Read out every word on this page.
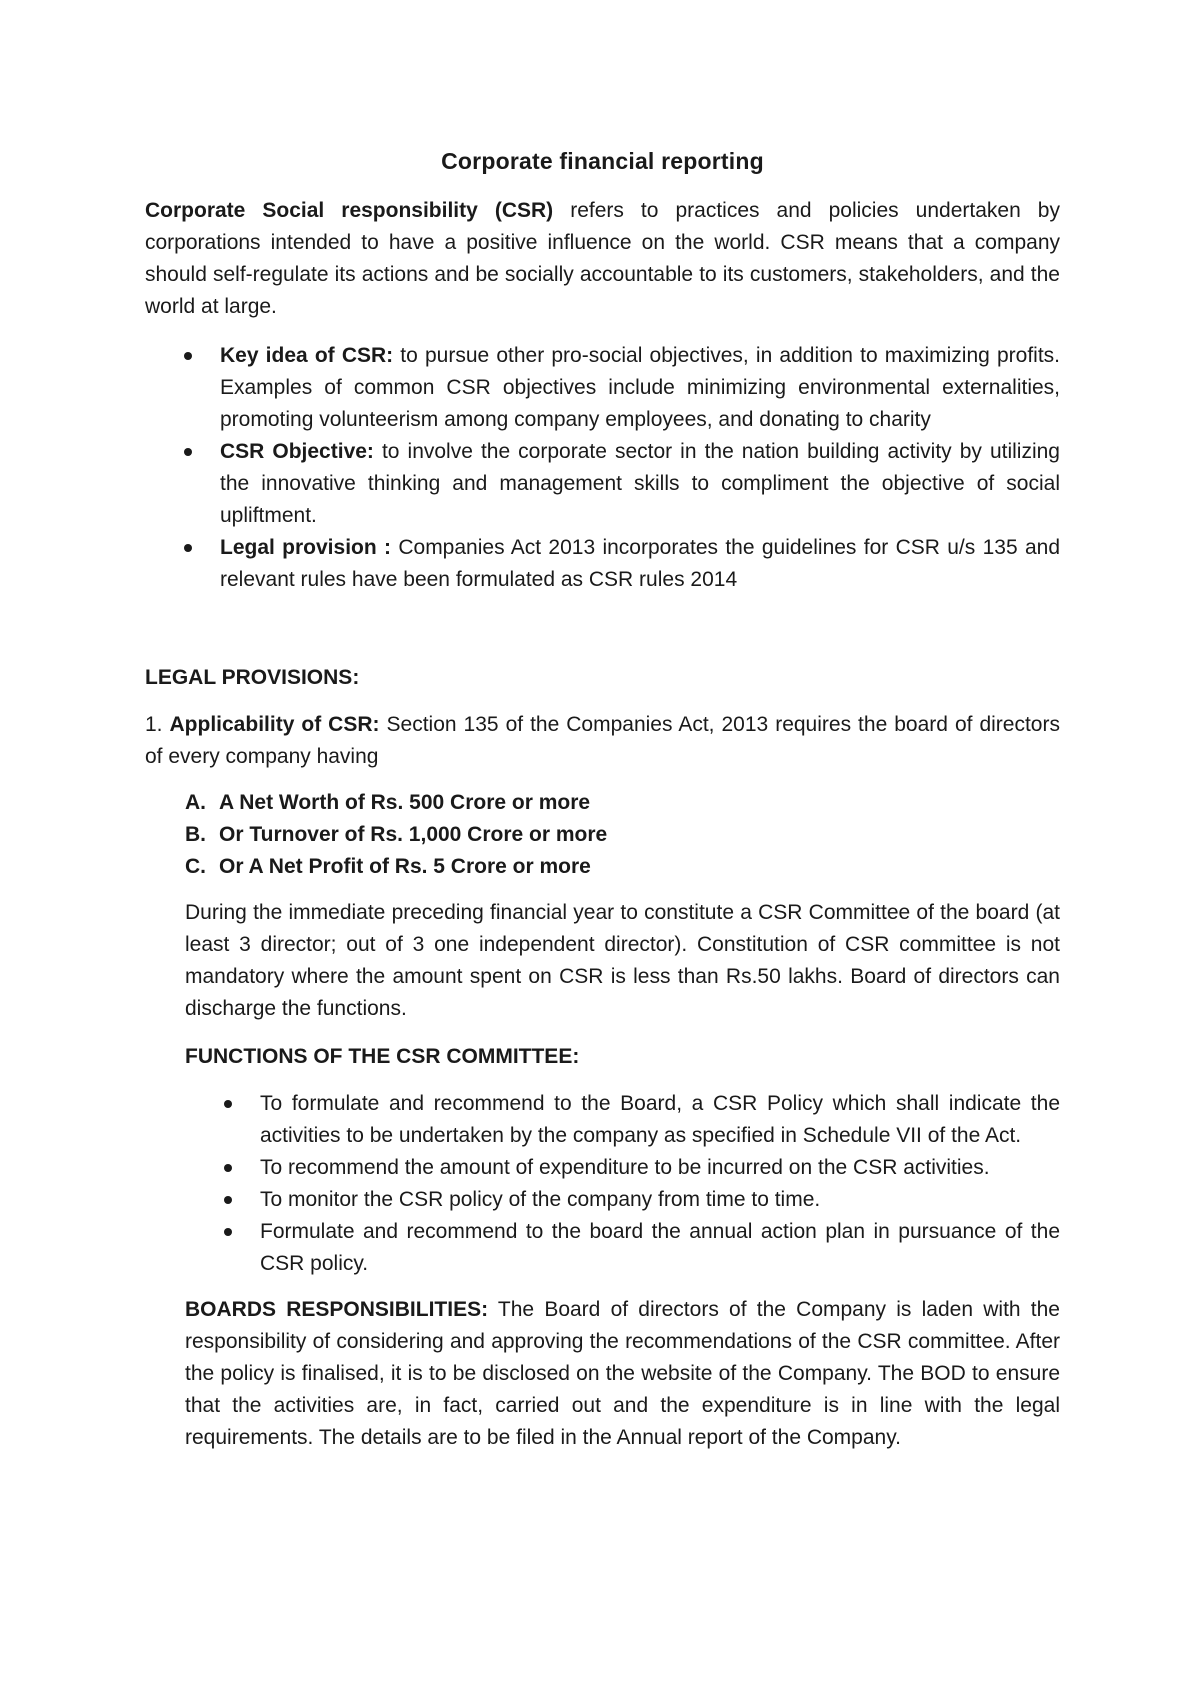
Corporate financial reporting

Corporate Social responsibility (CSR) refers to practices and policies undertaken by corporations intended to have a positive influence on the world. CSR means that a company should self-regulate its actions and be socially accountable to its customers, stakeholders, and the world at large.

Key idea of CSR: to pursue other pro-social objectives, in addition to maximizing profits. Examples of common CSR objectives include minimizing environmental externalities, promoting volunteerism among company employees, and donating to charity
CSR Objective: to involve the corporate sector in the nation building activity by utilizing the innovative thinking and management skills to compliment the objective of social upliftment.
Legal provision : Companies Act 2013 incorporates the guidelines for CSR u/s 135 and relevant rules have been formulated as CSR rules 2014
LEGAL PROVISIONS:

1. Applicability of CSR: Section 135 of the Companies Act, 2013 requires the board of directors of every company having

A. A Net Worth of Rs. 500 Crore or more
B. Or Turnover of Rs. 1,000 Crore or more
C. Or A Net Profit of Rs. 5 Crore or more

During the immediate preceding financial year to constitute a CSR Committee of the board (at least 3 director; out of 3 one independent director). Constitution of CSR committee is not mandatory where the amount spent on CSR is less than Rs.50 lakhs. Board of directors can discharge the functions.

FUNCTIONS OF THE CSR COMMITTEE:
To formulate and recommend to the Board, a CSR Policy which shall indicate the activities to be undertaken by the company as specified in Schedule VII of the Act.
To recommend the amount of expenditure to be incurred on the CSR activities.
To monitor the CSR policy of the company from time to time.
Formulate and recommend to the board the annual action plan in pursuance of the CSR policy.

BOARDS RESPONSIBILITIES: The Board of directors of the Company is laden with the responsibility of considering and approving the recommendations of the CSR committee. After the policy is finalised, it is to be disclosed on the website of the Company. The BOD to ensure that the activities are, in fact, carried out and the expenditure is in line with the legal requirements. The details are to be filed in the Annual report of the Company.
